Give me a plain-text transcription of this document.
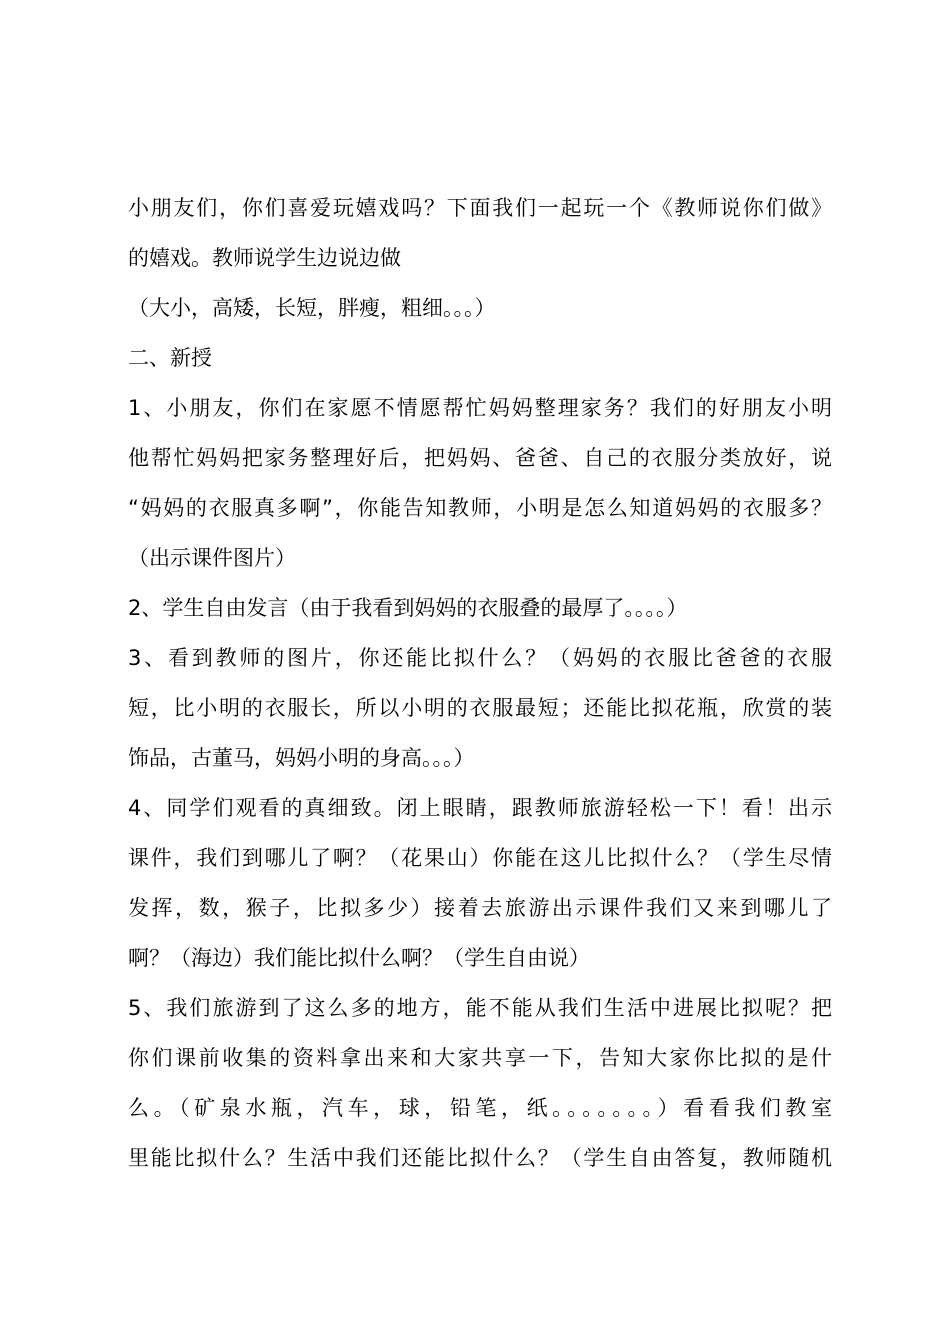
小朋友们，你们喜爱玩嬉戏吗？下面我们一起玩一个《教师说你们做》
的嬉戏。教师说学生边说边做
（大小，高矮，长短，胖瘦，粗细。。。）
二、新授
1、小朋友，你们在家愿不情愿帮忙妈妈整理家务？我们的好朋友小明
他帮忙妈妈把家务整理好后，把妈妈、爸爸、自己的衣服分类放好，说
“妈妈的衣服真多啊”，你能告知教师，小明是怎么知道妈妈的衣服多？
（出示课件图片）
2、学生自由发言（由于我看到妈妈的衣服叠的最厚了。。。。）
3、看到教师的图片，你还能比拟什么？（妈妈的衣服比爸爸的衣服
短，比小明的衣服长，所以小明的衣服最短；还能比拟花瓶，欣赏的装
饰品，古董马，妈妈小明的身高。。。）
4、同学们观看的真细致。闭上眼睛，跟教师旅游轻松一下！看！出示
课件，我们到哪儿了啊？（花果山）你能在这儿比拟什么？（学生尽情
发挥，数，猴子，比拟多少）接着去旅游出示课件我们又来到哪儿了
啊？（海边）我们能比拟什么啊？（学生自由说）
5、我们旅游到了这么多的地方，能不能从我们生活中进展比拟呢？把
你们课前收集的资料拿出来和大家共享一下，告知大家你比拟的是什
么。（矿泉水瓶，汽车，球，铅笔，纸。。。。。。。）看看我们教室
里能比拟什么？生活中我们还能比拟什么？（学生自由答复，教师随机
